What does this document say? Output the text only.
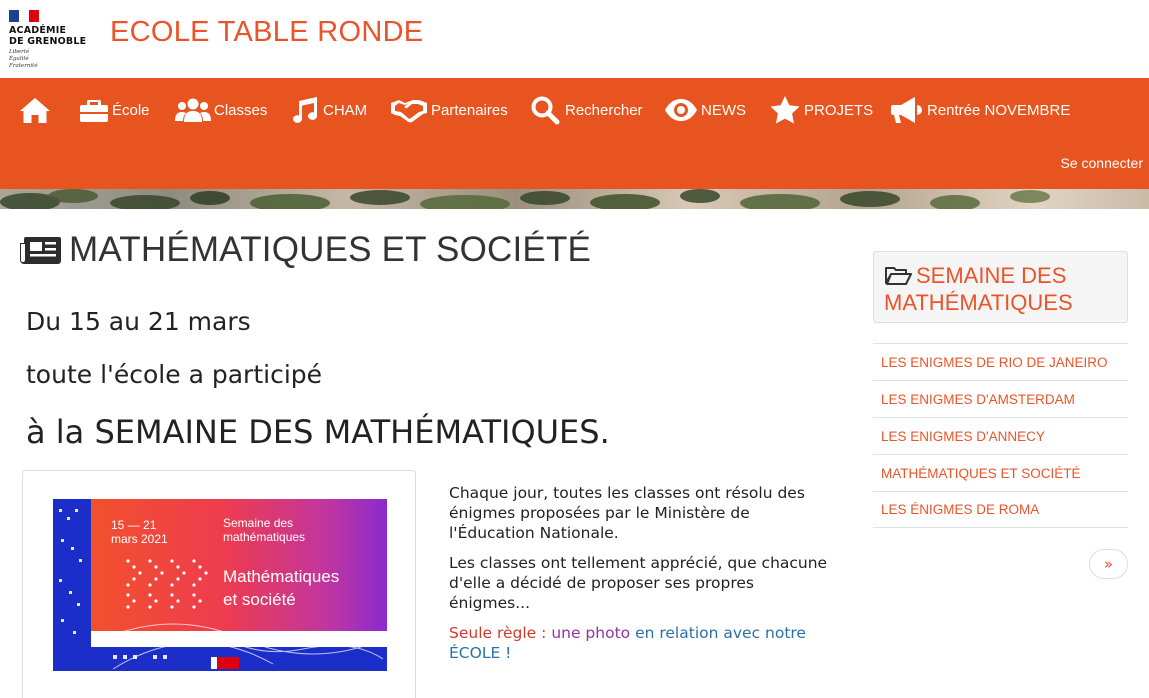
ACADÉMIE
DE GRENOBLE
Liberté
Égalité
Fraternité
ECOLE TABLE RONDE
École	Classes	CHAM	Partenaires	Rechercher	NEWS	PROJETS	Rentrée NOVEMBRE
Se connecter
MATHÉMATIQUES ET SOCIÉTÉ
Du 15 au 21 mars
toute l'école a participé
à la SEMAINE DES MATHÉMATIQUES.
15 — 21
mars 2021
Semaine des
mathématiques
Mathématiques
et société

Chaque jour, toutes les classes ont résolu des énigmes proposées par le Ministère de l'Éducation Nationale.

Les classes ont tellement apprécié, que chacune d'elle a décidé de proposer ses propres énigmes...

Seule règle : une photo en relation avec notre ÉCOLE !

SEMAINE DES MATHÉMATIQUES
LES ENIGMES DE RIO DE JANEIRO
LES ENIGMES D'AMSTERDAM
LES ENIGMES D'ANNECY
MATHÉMATIQUES ET SOCIÉTÉ
LES ÉNIGMES DE ROMA
»
